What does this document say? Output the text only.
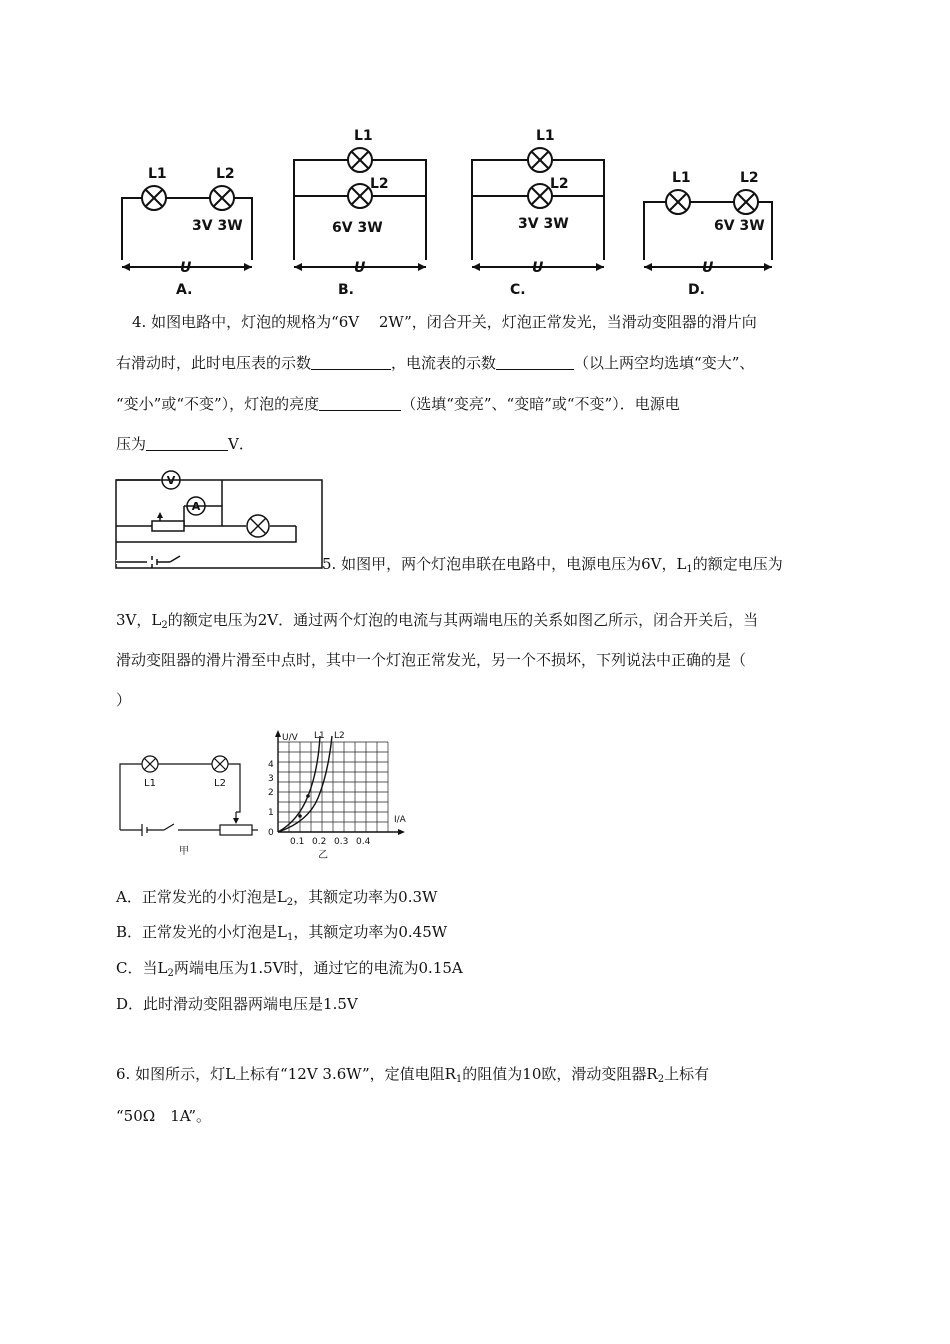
L1	L2
3V 3W
U
A.
L1
L2
6V 3W
U
B.
L1
L2
3V 3W
U
C.
L1	L2
6V 3W
U
D.
4. 如图电路中，灯泡的规格为“6V　 2W”，闭合开关，灯泡正常发光，当滑动变阻器的滑片向
右滑动时，此时电压表的示数	，电流表的示数	（以上两空均选填“变大”、
“变小”或“不变”），灯泡的亮度	（选填“变亮”、“变暗”或“不变”）．电源电
压为	V．
V
A
5. 如图甲，两个灯泡串联在电路中，电源电压为6V，$L_1$的额定电压为
3V，$L_2$的额定电压为2V．通过两个灯泡的电流与其两端电压的关系如图乙所示，闭合开关后，当
滑动变阻器的滑片滑至中点时，其中一个灯泡正常发光，另一个不损坏，下列说法中正确的是（
）
L1	L2
甲
U/V L1 L2
I/A
0
1
2
3
4
0.1 0.2 0.3 0.4
乙
A．正常发光的小灯泡是$L_2$，其额定功率为0.3W
B．正常发光的小灯泡是$L_1$，其额定功率为0.45W
C．当$L_2$两端电压为1.5V时，通过它的电流为0.15A
D．此时滑动变阻器两端电压是1.5V
6. 如图所示，灯L上标有“12V 3.6W”，定值电阻$R_1$的阻值为10欧，滑动变阻器$R_2$上标有
“50Ω　1A”。
